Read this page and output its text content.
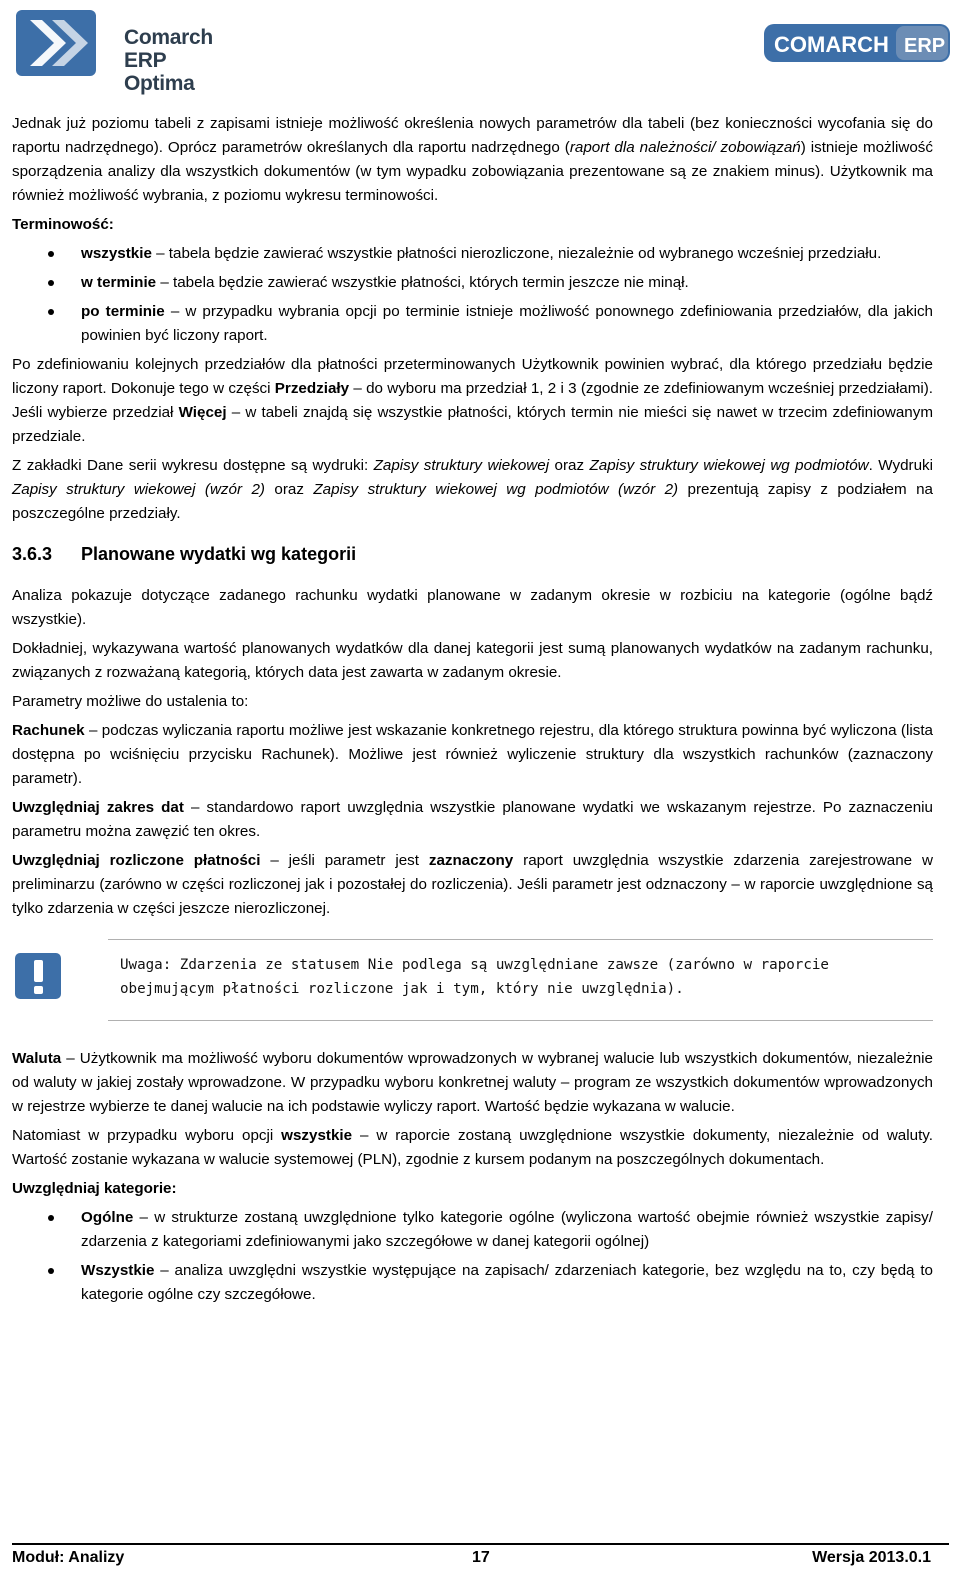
Comarch ERP
Optima
COMARCH ERP

Jednak już poziomu tabeli z zapisami istnieje możliwość określenia nowych parametrów dla tabeli (bez konieczności wycofania się do raportu nadrzędnego). Oprócz parametrów określanych dla raportu nadrzędnego (raport dla należności/ zobowiązań) istnieje możliwość sporządzenia analizy dla wszystkich dokumentów (w tym wypadku zobowiązania prezentowane są ze znakiem minus). Użytkownik ma również możliwość wybrania, z poziomu wykresu terminowości.

Terminowość:

wszystkie – tabela będzie zawierać wszystkie płatności nierozliczone, niezależnie od wybranego wcześniej przedziału.
w terminie – tabela będzie zawierać wszystkie płatności, których termin jeszcze nie minął.
po terminie – w przypadku wybrania opcji po terminie istnieje możliwość ponownego zdefiniowania przedziałów, dla jakich powinien być liczony raport.

Po zdefiniowaniu kolejnych przedziałów dla płatności przeterminowanych Użytkownik powinien wybrać, dla którego przedziału będzie liczony raport. Dokonuje tego w części Przedziały – do wyboru ma przedział 1, 2 i 3 (zgodnie ze zdefiniowanym wcześniej przedziałami). Jeśli wybierze przedział Więcej – w tabeli znajdą się wszystkie płatności, których termin nie mieści się nawet w trzecim zdefiniowanym przedziale.

Z zakładki Dane serii wykresu dostępne są wydruki: Zapisy struktury wiekowej oraz Zapisy struktury wiekowej wg podmiotów. Wydruki Zapisy struktury wiekowej (wzór 2) oraz Zapisy struktury wiekowej wg podmiotów (wzór 2) prezentują zapisy z podziałem na poszczególne przedziały.

3.6.3 Planowane wydatki wg kategorii

Analiza pokazuje dotyczące zadanego rachunku wydatki planowane w zadanym okresie w rozbiciu na kategorie (ogólne bądź wszystkie).

Dokładniej, wykazywana wartość planowanych wydatków dla danej kategorii jest sumą planowanych wydatków na zadanym rachunku, związanych z rozważaną kategorią, których data jest zawarta w zadanym okresie.

Parametry możliwe do ustalenia to:

Rachunek – podczas wyliczania raportu możliwe jest wskazanie konkretnego rejestru, dla którego struktura powinna być wyliczona (lista dostępna po wciśnięciu przycisku Rachunek). Możliwe jest również wyliczenie struktury dla wszystkich rachunków (zaznaczony parametr).

Uwzględniaj zakres dat – standardowo raport uwzględnia wszystkie planowane wydatki we wskazanym rejestrze. Po zaznaczeniu parametru można zawęzić ten okres.

Uwzględniaj rozliczone płatności – jeśli parametr jest zaznaczony raport uwzględnia wszystkie zdarzenia zarejestrowane w preliminarzu (zarówno w części rozliczonej jak i pozostałej do rozliczenia). Jeśli parametr jest odznaczony – w raporcie uwzględnione są tylko zdarzenia w części jeszcze nierozliczonej.

Uwaga: Zdarzenia ze statusem Nie podlega są uwzględniane zawsze (zarówno w raporcie obejmującym płatności rozliczone jak i tym, który nie uwzględnia).

Waluta – Użytkownik ma możliwość wyboru dokumentów wprowadzonych w wybranej walucie lub wszystkich dokumentów, niezależnie od waluty w jakiej zostały wprowadzone. W przypadku wyboru konkretnej waluty – program ze wszystkich dokumentów wprowadzonych w rejestrze wybierze te danej walucie na ich podstawie wyliczy raport. Wartość będzie wykazana w walucie.

Natomiast w przypadku wyboru opcji wszystkie – w raporcie zostaną uwzględnione wszystkie dokumenty, niezależnie od waluty. Wartość zostanie wykazana w walucie systemowej (PLN), zgodnie z kursem podanym na poszczególnych dokumentach.

Uwzględniaj kategorie:

Ogólne – w strukturze zostaną uwzględnione tylko kategorie ogólne (wyliczona wartość obejmie również wszystkie zapisy/ zdarzenia z kategoriami zdefiniowanymi jako szczegółowe w danej kategorii ogólnej)
Wszystkie – analiza uwzględni wszystkie występujące na zapisach/ zdarzeniach kategorie, bez względu na to, czy będą to kategorie ogólne czy szczegółowe.
Moduł: Analizy	17	Wersja 2013.0.1
